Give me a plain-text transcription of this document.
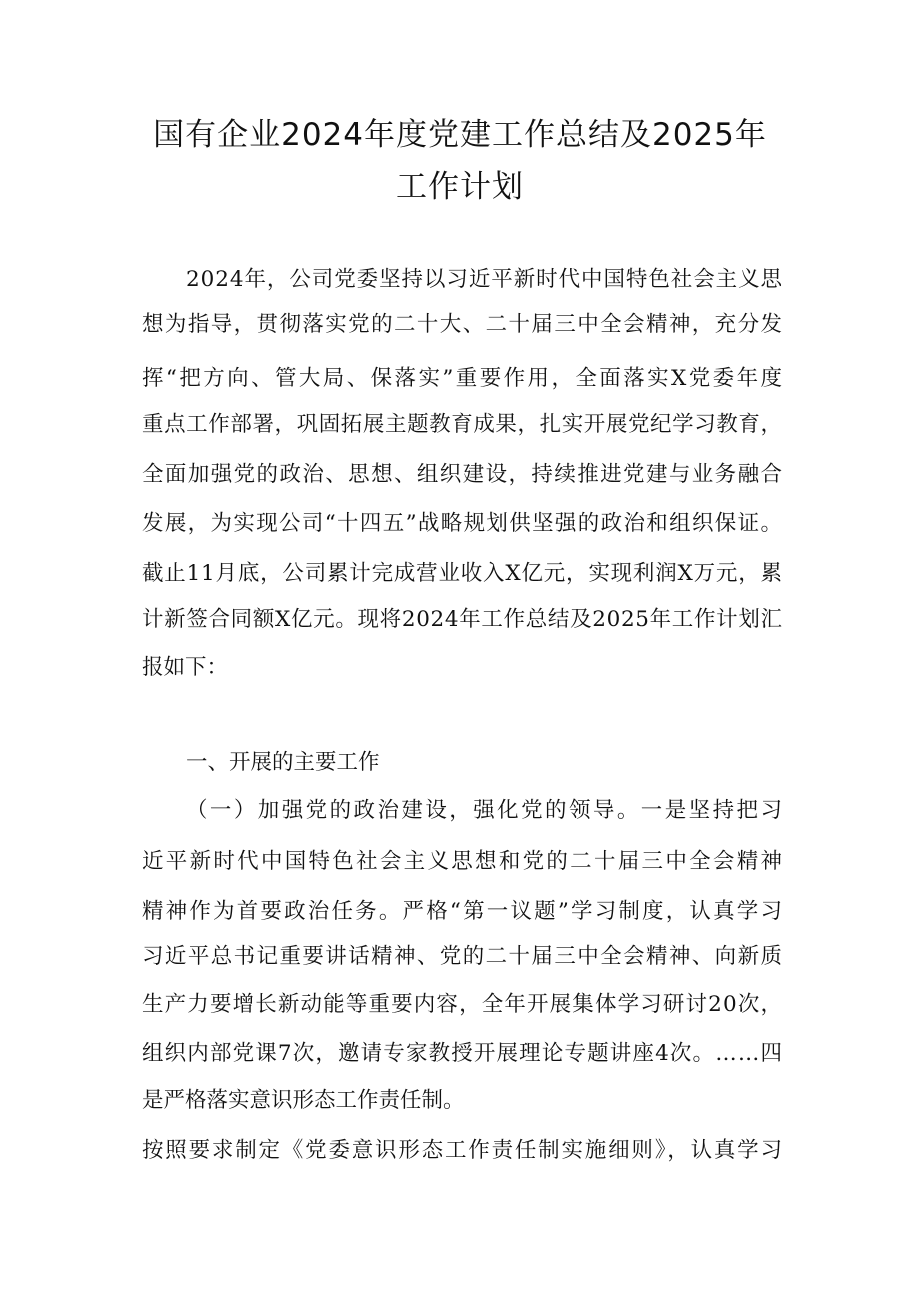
国有企业2024年度党建工作总结及2025年
工作计划
2024年，公司党委坚持以习近平新时代中国特色社会主义思
想为指导，贯彻落实党的二十大、二十届三中全会精神，充分发
挥“把方向、管大局、保落实”重要作用，全面落实X党委年度
重点工作部署，巩固拓展主题教育成果，扎实开展党纪学习教育，
全面加强党的政治、思想、组织建设，持续推进党建与业务融合
发展，为实现公司“十四五”战略规划供坚强的政治和组织保证。
截止11月底，公司累计完成营业收入X亿元，实现利润X万元，累
计新签合同额X亿元。现将2024年工作总结及2025年工作计划汇
报如下：
一、开展的主要工作
（一）加强党的政治建设，强化党的领导。一是坚持把习
近平新时代中国特色社会主义思想和党的二十届三中全会精神
精神作为首要政治任务。严格“第一议题”学习制度，认真学习
习近平总书记重要讲话精神、党的二十届三中全会精神、向新质
生产力要增长新动能等重要内容，全年开展集体学习研讨20次，
组织内部党课7次，邀请专家教授开展理论专题讲座4次。……四
是严格落实意识形态工作责任制。
按照要求制定《党委意识形态工作责任制实施细则》，认真学习
